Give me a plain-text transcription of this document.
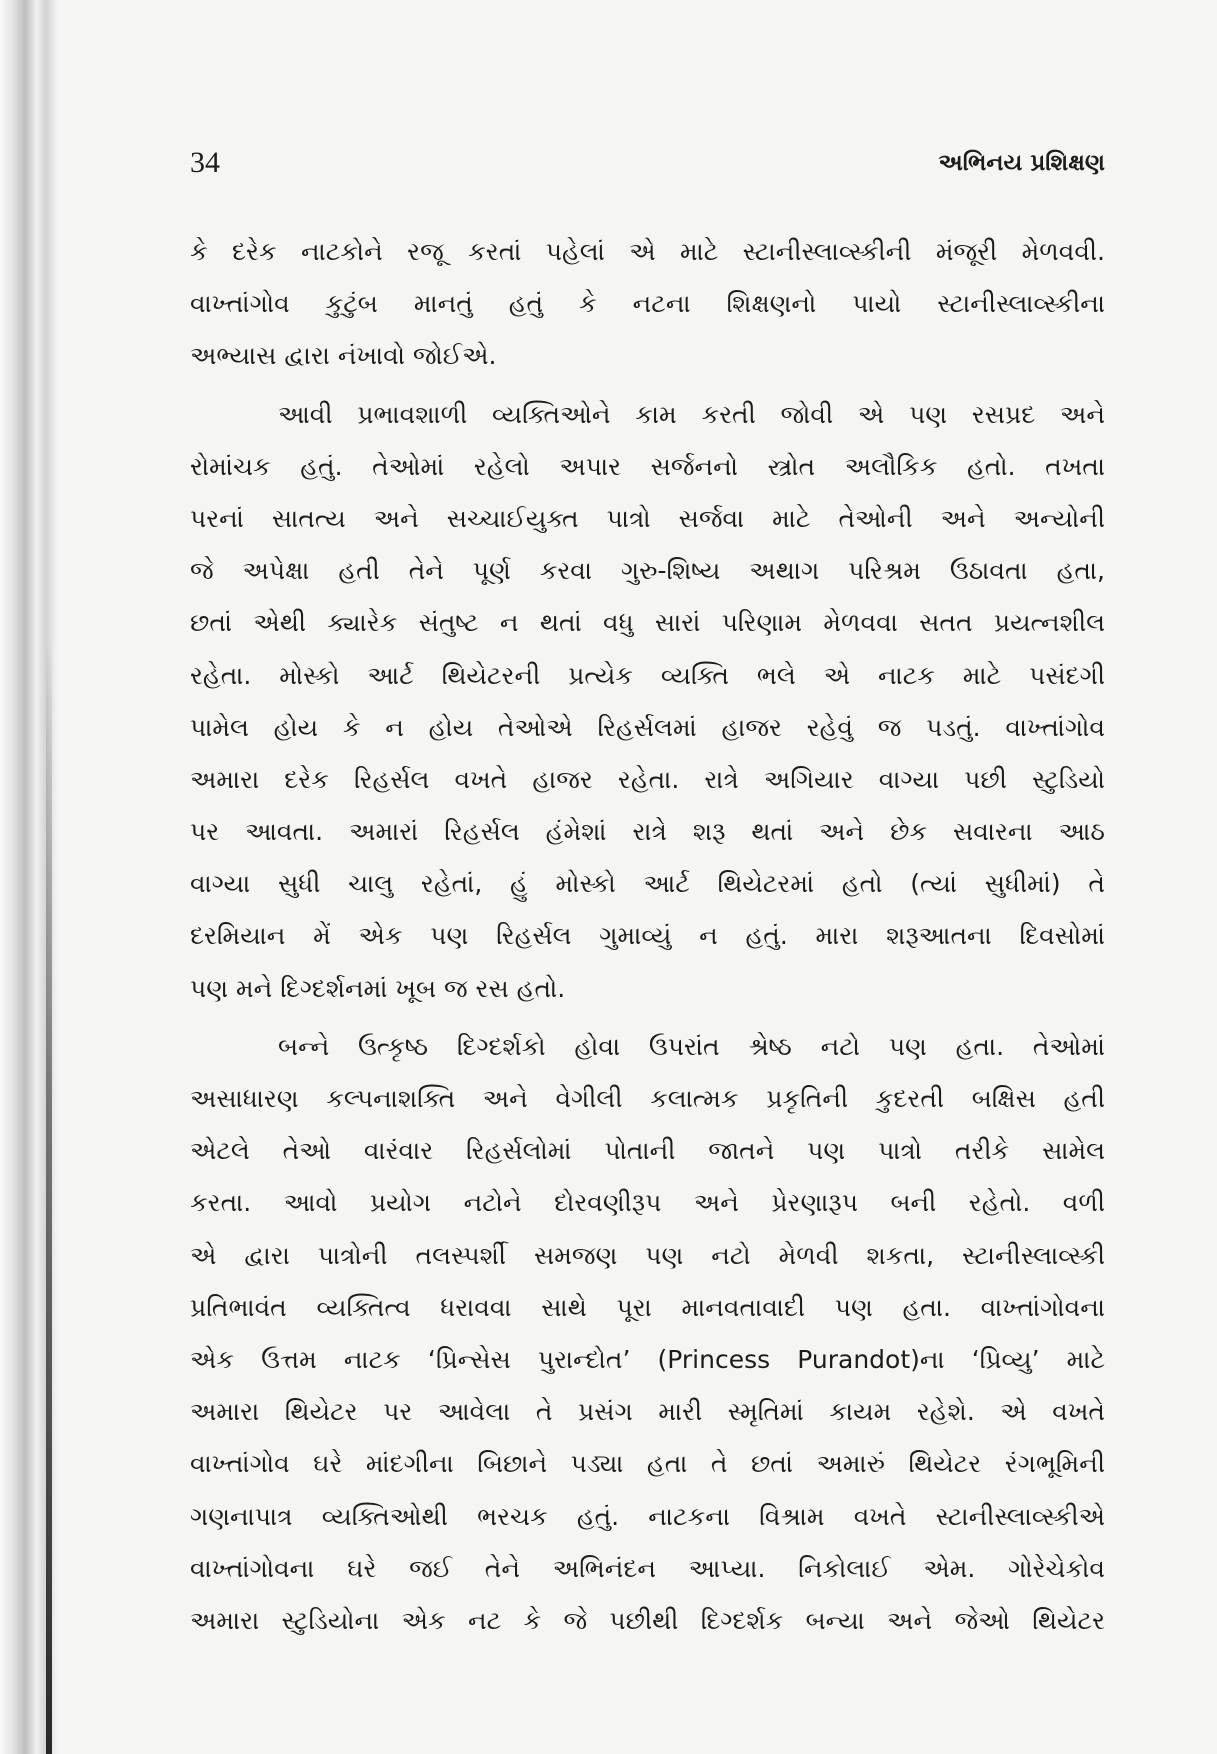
34	અભિનય પ્રશિક્ષણ
કે દરેક નાટકોને રજૂ કરતાં પહેલાં એ માટે સ્ટાનીસ્લાવ્સ્કીની મંજૂરી મેળવવી.
વાખ્તાંગોવ કુટુંબ માનતું હતું કે નટના શિક્ષણનો પાયો સ્ટાનીસ્લાવ્સ્કીના
અભ્યાસ દ્વારા નંખાવો જોઈએ.
આવી પ્રભાવશાળી વ્યક્તિઓને કામ કરતી જોવી એ પણ રસપ્રદ અને
રોમાંચક હતું. તેઓમાં રહેલો અપાર સર્જનનો સ્ત્રોત અલૌકિક હતો. તખતા
પરનાં સાતત્ય અને સચ્ચાઈયુક્ત પાત્રો સર્જવા માટે તેઓની અને અન્યોની
જે અપેક્ષા હતી તેને પૂર્ણ કરવા ગુરુ-શિષ્ય અથાગ પરિશ્રમ ઉઠાવતા હતા,
છતાં એથી ક્યારેક સંતુષ્ટ ન થતાં વધુ સારાં પરિણામ મેળવવા સતત પ્રયત્નશીલ
રહેતા. મોસ્કો આર્ટ થિયેટરની પ્રત્યેક વ્યક્તિ ભલે એ નાટક માટે પસંદગી
પામેલ હોય કે ન હોય તેઓએ રિહર્સલમાં હાજર રહેવું જ પડતું. વાખ્તાંગોવ
અમારા દરેક રિહર્સલ વખતે હાજર રહેતા. રાત્રે અગિયાર વાગ્યા પછી સ્ટુડિયો
પર આવતા. અમારાં રિહર્સલ હંમેશાં રાત્રે શરૂ થતાં અને છેક સવારના આઠ
વાગ્યા સુધી ચાલુ રહેતાં, હું મોસ્કો આર્ટ થિયેટરમાં હતો (ત્યાં સુધીમાં) તે
દરમિયાન મેં એક પણ રિહર્સલ ગુમાવ્યું ન હતું. મારા શરૂઆતના દિવસોમાં
પણ મને દિગ્દર્શનમાં ખૂબ જ રસ હતો.
બન્ને ઉત્કૃષ્ઠ દિગ્દર્શકો હોવા ઉપરાંત શ્રેષ્ઠ નટો પણ હતા. તેઓમાં
અસાધારણ કલ્પનાશક્તિ અને વેગીલી કલાત્મક પ્રકૃતિની કુદરતી બક્ષિસ હતી
એટલે તેઓ વારંવાર રિહર્સલોમાં પોતાની જાતને પણ પાત્રો તરીકે સામેલ
કરતા. આવો પ્રયોગ નટોને દોરવણીરૂપ અને પ્રેરણારૂપ બની રહેતો. વળી
એ દ્વારા પાત્રોની તલસ્પર્શી સમજણ પણ નટો મેળવી શકતા, સ્ટાનીસ્લાવ્સ્કી
પ્રતિભાવંત વ્યક્તિત્વ ધરાવવા સાથે પૂરા માનવતાવાદી પણ હતા. વાખ્તાંગોવના
એક ઉત્તમ નાટક ‘પ્રિન્સેસ પુરાન્દોત’ (Princess Purandot)ના ‘પ્રિવ્યુ’ માટે
અમારા થિયેટર પર આવેલા તે પ્રસંગ મારી સ્મૃતિમાં કાયમ રહેશે. એ વખતે
વાખ્તાંગોવ ઘરે માંદગીના બિછાને પડ્યા હતા તે છતાં અમારું થિયેટર રંગભૂમિની
ગણનાપાત્ર વ્યક્તિઓથી ભરચક હતું. નાટકના વિશ્રામ વખતે સ્ટાનીસ્લાવ્સ્કીએ
વાખ્તાંગોવના ઘરે જઈ તેને અભિનંદન આપ્યા. નિકોલાઈ એમ. ગોરેચેકોવ
અમારા સ્ટુડિયોના એક નટ કે જે પછીથી દિગ્દર્શક બન્યા અને જેઓ થિયેટર
